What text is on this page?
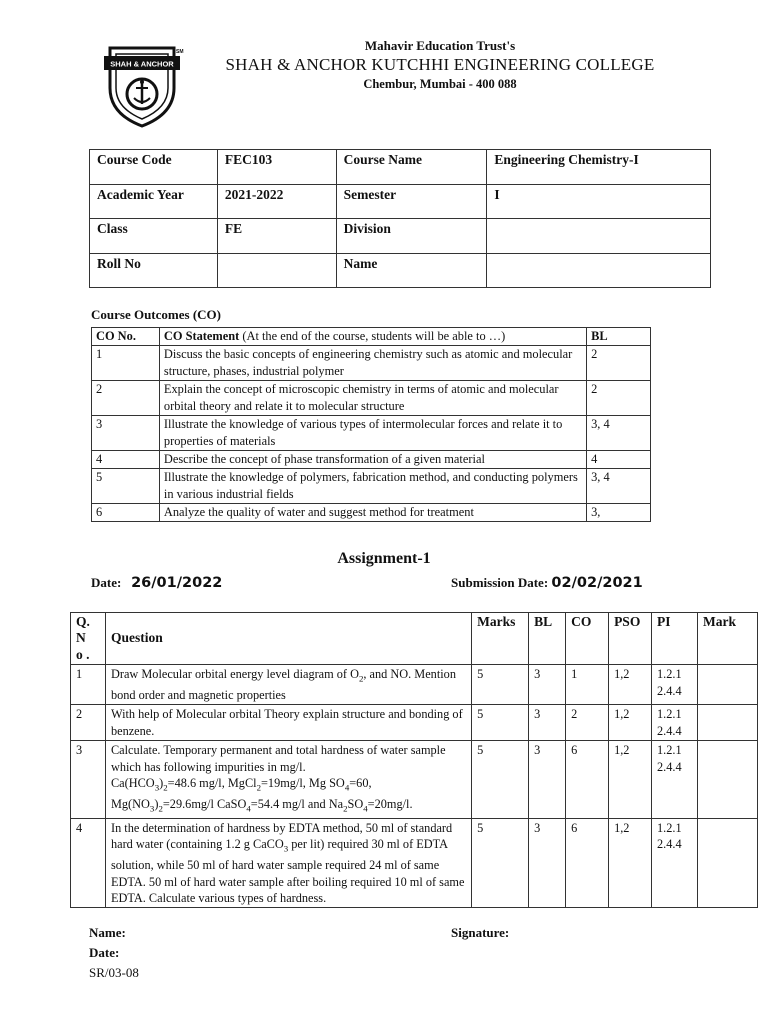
SHAH & ANCHOR
SM	Mahavir Education Trust's
SHAH & ANCHOR KUTCHHI ENGINEERING COLLEGE
Chembur, Mumbai - 400 088
Course Code	FEC103	Course Name	Engineering Chemistry-I
Academic Year	2021-2022	Semester	I
Class	FE	Division	
Roll No		Name	
Course Outcomes (CO)
CO No.	CO Statement (At the end of the course, students will be able to …)	BL
1	Discuss the basic concepts of engineering chemistry such as atomic and molecular structure, phases, industrial polymer	2
2	Explain the concept of microscopic chemistry in terms of atomic and molecular orbital theory and relate it to molecular structure	2
3	Illustrate the knowledge of various types of intermolecular forces and relate it to properties of materials	3, 4
4	Describe the concept of phase transformation of a given material	4
5	Illustrate the knowledge of polymers, fabrication method, and conducting polymers in various industrial fields	3, 4
6	Analyze the quality of water and suggest method for treatment	3,
Assignment-1
Date: 26/01/2022	Submission Date: 02/02/2021
Q. No .	Question	Marks	BL	CO	PSO	PI	Mark
1	Draw Molecular orbital energy level diagram of $O_2$, and NO. Mention bond order and magnetic properties	5	3	1	1,2	1.2.1
2.4.4	
2	With help of Molecular orbital Theory explain structure and bonding of benzene.	5	3	2	1,2	1.2.1
2.4.4	
3	Calculate. Temporary permanent and total hardness of water sample which has following impurities in mg/l.
$Ca(HCO_3)_2=48.6$ mg/l, MgCl$_2$=19mg/l, Mg $SO_4=60$, $Mg(NO_3)_2=29.6mg/l$ CaSO$_4$=54.4 mg/l and $Na_2SO_4=20mg/l$.	5	3	6	1,2	1.2.1
2.4.4	
4	In the determination of hardness by EDTA method, 50 ml of standard hard water (containing 1.2 g CaCO$_3$ per lit) required 30 ml of EDTA solution, while 50 ml of hard water sample required 24 ml of same EDTA. 50 ml of hard water sample after boiling required 10 ml of same EDTA. Calculate various types of hardness.	5	3	6	1,2	1.2.1
2.4.4	
Name:
Date:
Signature:
SR/03-08
